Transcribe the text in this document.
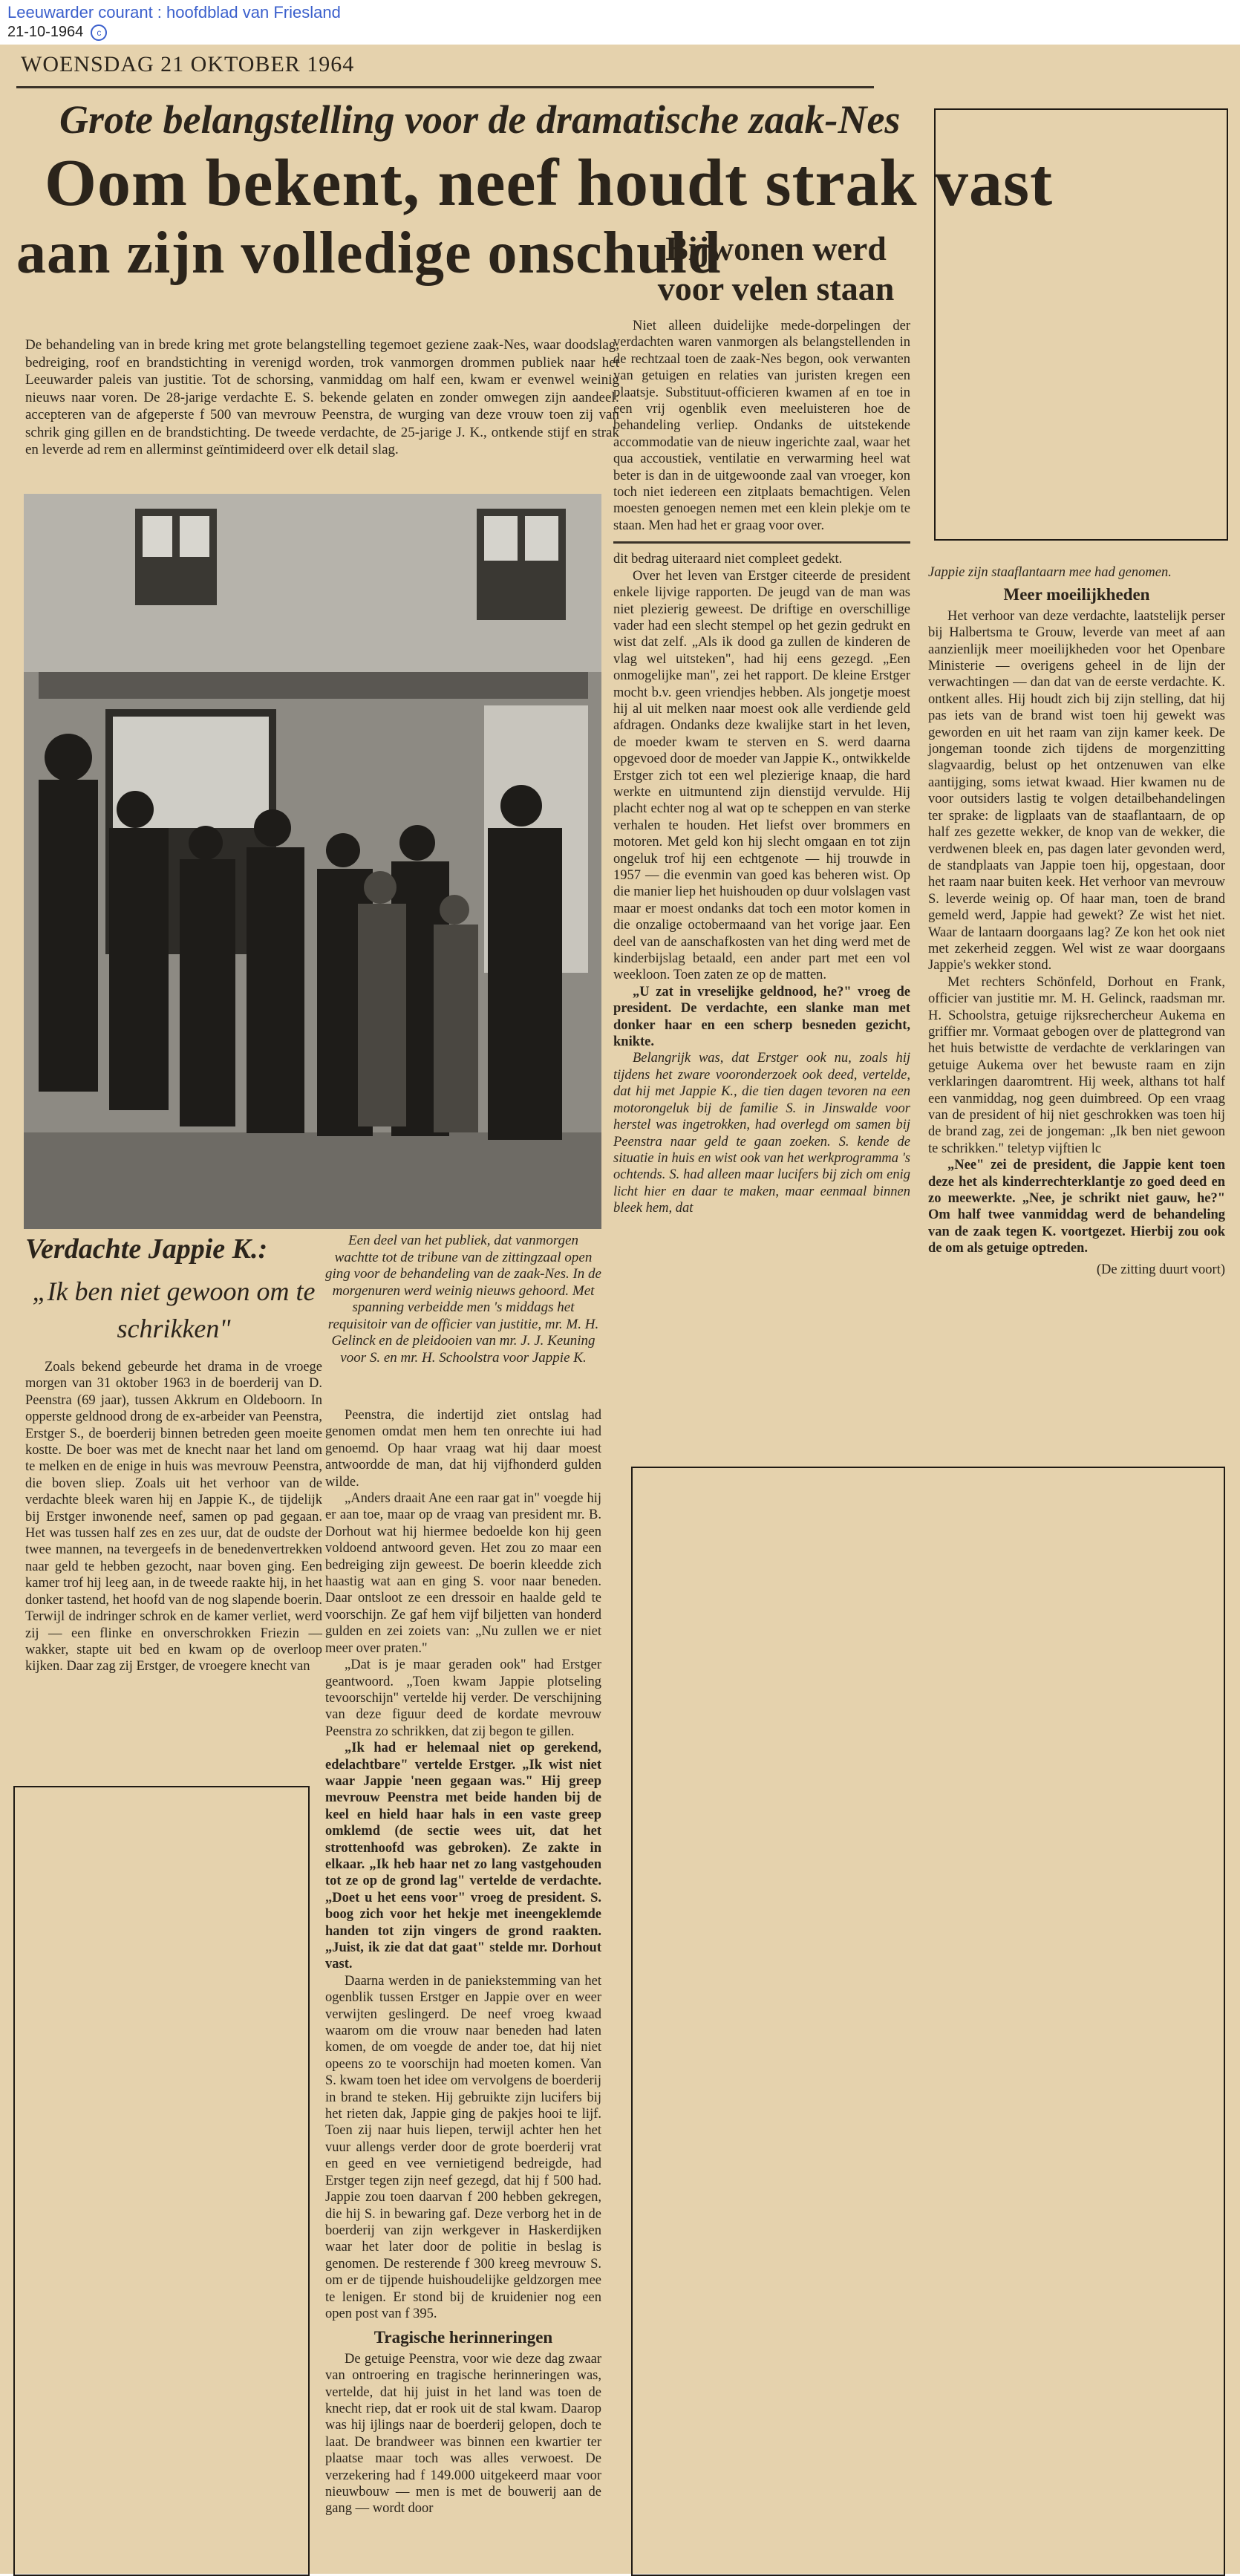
Leeuwarder courant : hoofdblad van Friesland
21-10-1964 c
WOENSDAG 21 OKTOBER 1964
Grote belangstelling voor de dramatische zaak-Nes
Oom bekent, neef houdt strak vast
aan zijn volledige onschuld
Bijwonen werd voor velen staan
De behandeling van in brede kring met grote belangstelling tegemoet geziene zaak-Nes, waar doodslag, bedreiging, roof en brandstichting in verenigd worden, trok vanmorgen drommen publiek naar het Leeuwarder paleis van justitie. Tot de schorsing, vanmiddag om half een, kwam er evenwel weinig nieuws naar voren. De 28-jarige verdachte E. S. bekende gelaten en zonder omwegen zijn aandeel: accepteren van de afgeperste f 500 van mevrouw Peenstra, de wurging van deze vrouw toen zij van schrik ging gillen en de brandstichting. De tweede verdachte, de 25-jarige J. K., ontkende stijf en strak en leverde ad rem en allerminst geïntimideerd over elk detail slag.
Een deel van het publiek, dat vanmorgen wachtte tot de tribune van de zittingzaal open ging voor de behandeling van de zaak-Nes. In de morgenuren werd weinig nieuws gehoord. Met spanning verbeidde men 's middags het requisitoir van de officier van justitie, mr. M. H. Gelinck en de pleidooien van mr. J. J. Keuning voor S. en mr. H. Schoolstra voor Jappie K.
Verdachte Jappie K.:
„Ik ben niet gewoon om te schrikken"

Zoals bekend gebeurde het drama in de vroege morgen van 31 oktober 1963 in de boerderij van D. Peenstra (69 jaar), tussen Akkrum en Oldeboorn. In opperste geldnood drong de ex-arbeider van Peenstra, Erstger S., de boerderij binnen betreden geen moeite kostte. De boer was met de knecht naar het land om te melken en de enige in huis was mevrouw Peenstra, die boven sliep. Zoals uit het verhoor van de verdachte bleek waren hij en Jappie K., de tijdelijk bij Erstger inwonende neef, samen op pad gegaan. Het was tussen half zes en zes uur, dat de oudste der twee mannen, na tevergeefs in de benedenvertrekken naar geld te hebben gezocht, naar boven ging. Een kamer trof hij leeg aan, in de tweede raakte hij, in het donker tastend, het hoofd van de nog slapende boerin. Terwijl de indringer schrok en de kamer verliet, werd zij — een flinke en onverschrokken Friezin — wakker, stapte uit bed en kwam op de overloop kijken. Daar zag zij Erstger, de vroegere knecht van

Peenstra, die indertijd ziet ontslag had genomen omdat men hem ten onrechte iui had genoemd. Op haar vraag wat hij daar moest antwoordde de man, dat hij vijfhonderd gulden wilde.

„Anders draait Ane een raar gat in" voegde hij er aan toe, maar op de vraag van president mr. B. Dorhout wat hij hiermee bedoelde kon hij geen voldoend antwoord geven. Het zou zo maar een bedreiging zijn geweest. De boerin kleedde zich haastig wat aan en ging S. voor naar beneden. Daar ontsloot ze een dressoir en haalde geld te voorschijn. Ze gaf hem vijf biljetten van honderd gulden en zei zoiets van: „Nu zullen we er niet meer over praten."

„Dat is je maar geraden ook" had Erstger geantwoord. „Toen kwam Jappie plotseling tevoorschijn" vertelde hij verder. De verschijning van deze figuur deed de kordate mevrouw Peenstra zo schrikken, dat zij begon te gillen.

„Ik had er helemaal niet op gerekend, edelachtbare" vertelde Erstger. „Ik wist niet waar Jappie 'neen gegaan was." Hij greep mevrouw Peenstra met beide handen bij de keel en hield haar hals in een vaste greep omklemd (de sectie wees uit, dat het strottenhoofd was gebroken). Ze zakte in elkaar. „Ik heb haar net zo lang vastgehouden tot ze op de grond lag" vertelde de verdachte. „Doet u het eens voor" vroeg de president. S. boog zich voor het hekje met ineengeklemde handen tot zijn vingers de grond raakten. „Juist, ik zie dat dat gaat" stelde mr. Dorhout vast.

Daarna werden in de paniekstemming van het ogenblik tussen Erstger en Jappie over en weer verwijten geslingerd. De neef vroeg kwaad waarom om die vrouw naar beneden had laten komen, de om voegde de ander toe, dat hij niet opeens zo te voorschijn had moeten komen. Van S. kwam toen het idee om vervolgens de boerderij in brand te steken. Hij gebruikte zijn lucifers bij het rieten dak, Jappie ging de pakjes hooi te lijf. Toen zij naar huis liepen, terwijl achter hen het vuur allengs verder door de grote boerderij vrat en geed en vee vernietigend bedreigde, had Erstger tegen zijn neef gezegd, dat hij f 500 had. Jappie zou toen daarvan f 200 hebben gekregen, die hij S. in bewaring gaf. Deze verborg het in de boerderij van zijn werkgever in Haskerdijken waar het later door de politie in beslag is genomen. De resterende f 300 kreeg mevrouw S. om er de tijpende huishoudelijke geldzorgen mee te lenigen. Er stond bij de kruidenier nog een open post van f 395.

Tragische herinneringen

De getuige Peenstra, voor wie deze dag zwaar van ontroering en tragische herinneringen was, vertelde, dat hij juist in het land was toen de knecht riep, dat er rook uit de stal kwam. Daarop was hij ijlings naar de boerderij gelopen, doch te laat. De brandweer was binnen een kwartier ter plaatse maar toch was alles verwoest. De verzekering had f 149.000 uitgekeerd maar voor nieuwbouw — men is met de bouwerij aan de gang — wordt door

Niet alleen duidelijke mede-dorpelingen der verdachten waren vanmorgen als belangstellenden in de rechtzaal toen de zaak-Nes begon, ook verwanten van getuigen en relaties van juristen kregen een plaatsje. Substituut-officieren kwamen af en toe in een vrij ogenblik even meeluisteren hoe de behandeling verliep. Ondanks de uitstekende accommodatie van de nieuw ingerichte zaal, waar het qua accoustiek, ventilatie en verwarming heel wat beter is dan in de uitgewoonde zaal van vroeger, kon toch niet iedereen een zitplaats bemachtigen. Velen moesten genoegen nemen met een klein plekje om te staan. Men had het er graag voor over.

dit bedrag uiteraard niet compleet gedekt.

Over het leven van Erstger citeerde de president enkele lijvige rapporten. De jeugd van de man was niet plezierig geweest. De driftige en overschillige vader had een slecht stempel op het gezin gedrukt en wist dat zelf. „Als ik dood ga zullen de kinderen de vlag wel uitsteken", had hij eens gezegd. „Een onmogelijke man", zei het rapport. De kleine Erstger mocht b.v. geen vriendjes hebben. Als jongetje moest hij al uit melken naar moest ook alle verdiende geld afdragen. Ondanks deze kwalijke start in het leven, de moeder kwam te sterven en S. werd daarna opgevoed door de moeder van Jappie K., ontwikkelde Erstger zich tot een wel plezierige knaap, die hard werkte en uitmuntend zijn dienstijd vervulde. Hij placht echter nog al wat op te scheppen en van sterke verhalen te houden. Het liefst over brommers en motoren. Met geld kon hij slecht omgaan en tot zijn ongeluk trof hij een echtgenote — hij trouwde in 1957 — die evenmin van goed kas beheren wist. Op die manier liep het huishouden op duur volslagen vast maar er moest ondanks dat toch een motor komen in die onzalige octobermaand van het vorige jaar. Een deel van de aanschafkosten van het ding werd met de kinderbijslag betaald, een ander part met een vol weekloon. Toen zaten ze op de matten.

„U zat in vreselijke geldnood, he?" vroeg de president. De verdachte, een slanke man met donker haar en een scherp besneden gezicht, knikte.

Belangrijk was, dat Erstger ook nu, zoals hij tijdens het zware vooronderzoek ook deed, vertelde, dat hij met Jappie K., die tien dagen tevoren na een motorongeluk bij de familie S. in Jinswalde voor herstel was ingetrokken, had overlegd om samen bij Peenstra naar geld te gaan zoeken. S. kende de situatie in huis en wist ook van het werkprogramma 's ochtends. S. had alleen maar lucifers bij zich om enig licht hier en daar te maken, maar eenmaal binnen bleek hem, dat

Jappie zijn staaflantaarn mee had genomen.

Meer moeilijkheden

Het verhoor van deze verdachte, laatstelijk perser bij Halbertsma te Grouw, leverde van meet af aan aanzienlijk meer moeilijkheden voor het Openbare Ministerie — overigens geheel in de lijn der verwachtingen — dan dat van de eerste verdachte. K. ontkent alles. Hij houdt zich bij zijn stelling, dat hij pas iets van de brand wist toen hij gewekt was geworden en uit het raam van zijn kamer keek. De jongeman toonde zich tijdens de morgenzitting slagvaardig, belust op het ontzenuwen van elke aantijging, soms ietwat kwaad. Hier kwamen nu de voor outsiders lastig te volgen detailbehandelingen ter sprake: de ligplaats van de staaflantaarn, de op half zes gezette wekker, de knop van de wekker, die verdwenen bleek en, pas dagen later gevonden werd, de standplaats van Jappie toen hij, opgestaan, door het raam naar buiten keek. Het verhoor van mevrouw S. leverde weinig op. Of haar man, toen de brand gemeld werd, Jappie had gewekt? Ze wist het niet. Waar de lantaarn doorgaans lag? Ze kon het ook niet met zekerheid zeggen. Wel wist ze waar doorgaans Jappie's wekker stond.

Met rechters Schönfeld, Dorhout en Frank, officier van justitie mr. M. H. Gelinck, raadsman mr. H. Schoolstra, getuige rijksrechercheur Aukema en griffier mr. Vormaat gebogen over de plattegrond van het huis betwistte de verdachte de verklaringen van getuige Aukema over het bewuste raam en zijn verklaringen daaromtrent. Hij week, althans tot half een vanmiddag, nog geen duimbreed. Op een vraag van de president of hij niet geschrokken was toen hij de brand zag, zei de jongeman: „Ik ben niet gewoon te schrikken." teletyp vijftien lc

„Nee" zei de president, die Jappie kent toen deze het als kinderrechterklantje zo goed deed en zo meewerkte. „Nee, je schrikt niet gauw, he?" Om half twee vanmiddag werd de behandeling van de zaak tegen K. voortgezet. Hierbij zou ook de om als getuige optreden.

(De zitting duurt voort)
